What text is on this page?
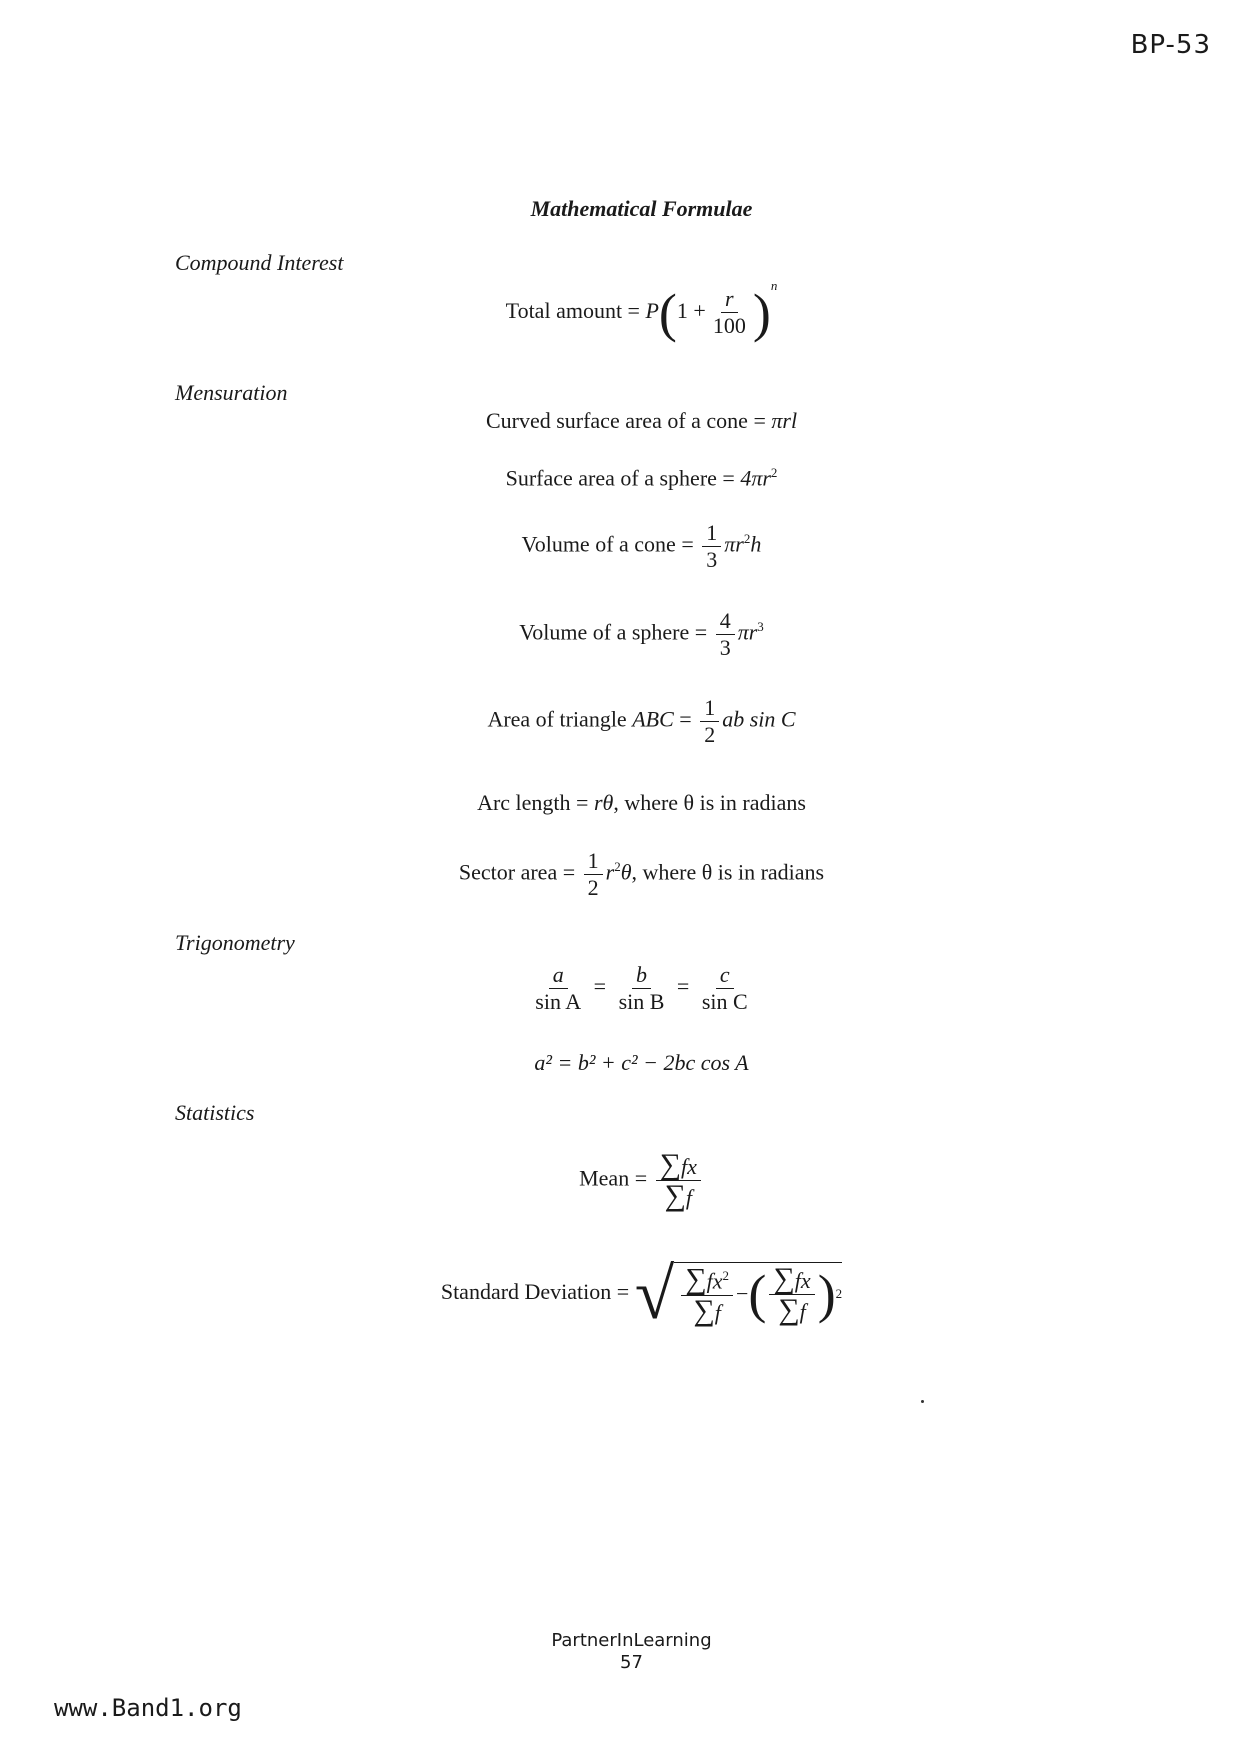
BP-53
Mathematical Formulae
Compound Interest
Total amount = $P(1 + \frac{r}{100} )^n$
Mensuration
Curved surface area of a cone = πrl
Surface area of a sphere = $4\pi r^2$
Volume of a cone = $\frac{1}{3} \pi r^2h$
Volume of a sphere = $\frac{4}{3} \pi r^3$
Area of triangle ABC = $\frac{1}{2}$ ab sin C
Arc length = rθ, where θ is in radians
Sector area = $\frac{1}{2} r^2\theta$, where θ is in radians
Trigonometry
$\frac{a}{\text{sin A}} = \frac{b}{\text{sin B}} = \frac{c}{\text{sin C}}$
a² = b² + c² − 2bc cos A
Statistics
Mean = $\frac{\sum fx}{\sum f}$
Standard Deviation = √ $\frac{\sum fx^2}{\sum f}$ − ( $\frac{\sum fx}{\sum f}$ ) 2
PartnerInLearning
57
www.Band1.org
